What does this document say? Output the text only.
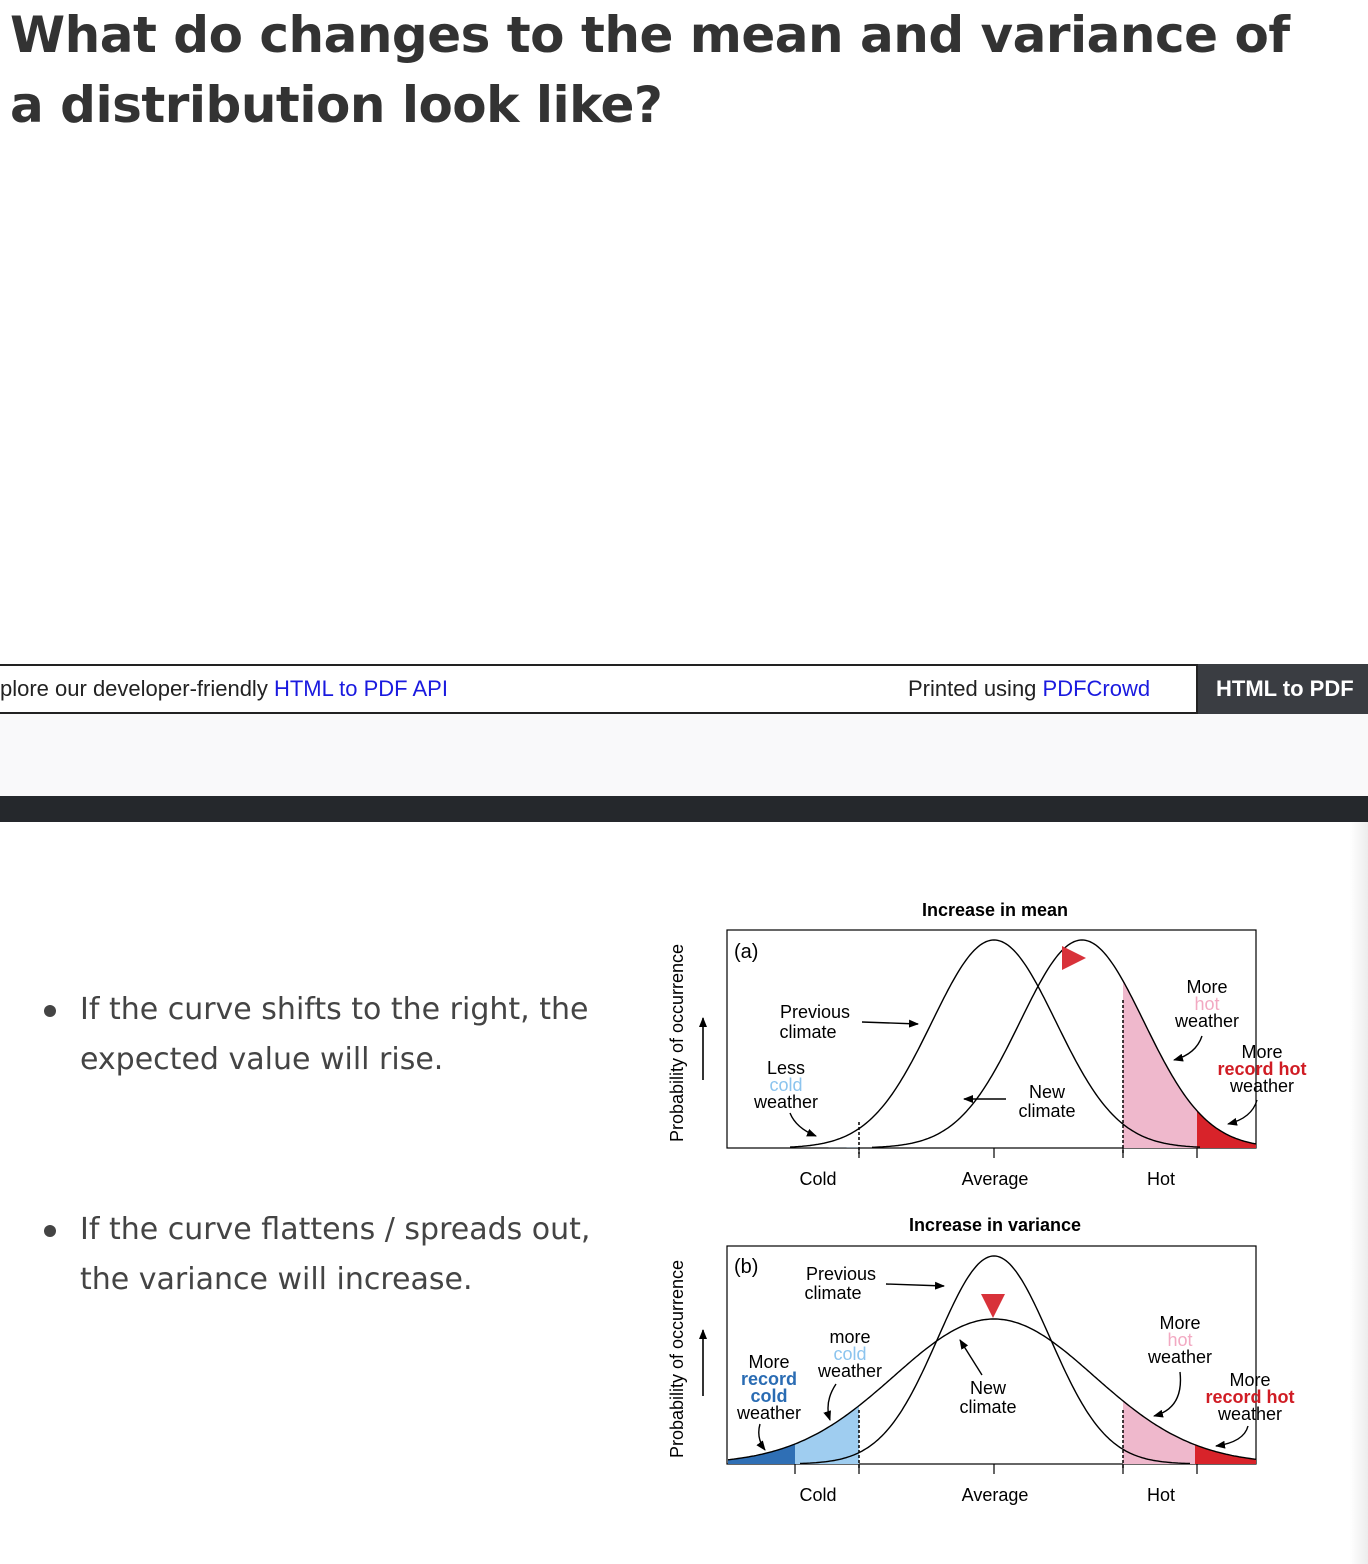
What do changes to the mean and variance of a distribution look like?
plore our developer-friendly HTML to PDF API	Printed using PDFCrowd	HTML to PDF
If the curve shifts to the right, the expected value will rise.
If the curve flattens / spreads out, the variance will increase.
Increase in mean
(a)
Probability of occurrence	Previous climate
Less cold weather	New climate
More hot weather
More record hot weather
Cold	Average	Hot
Increase in variance
(b)
Probability of occurrence	Previous climate
more cold weather
More record cold weather
New climate
More hot weather
More record hot weather
Cold	Average	Hot
